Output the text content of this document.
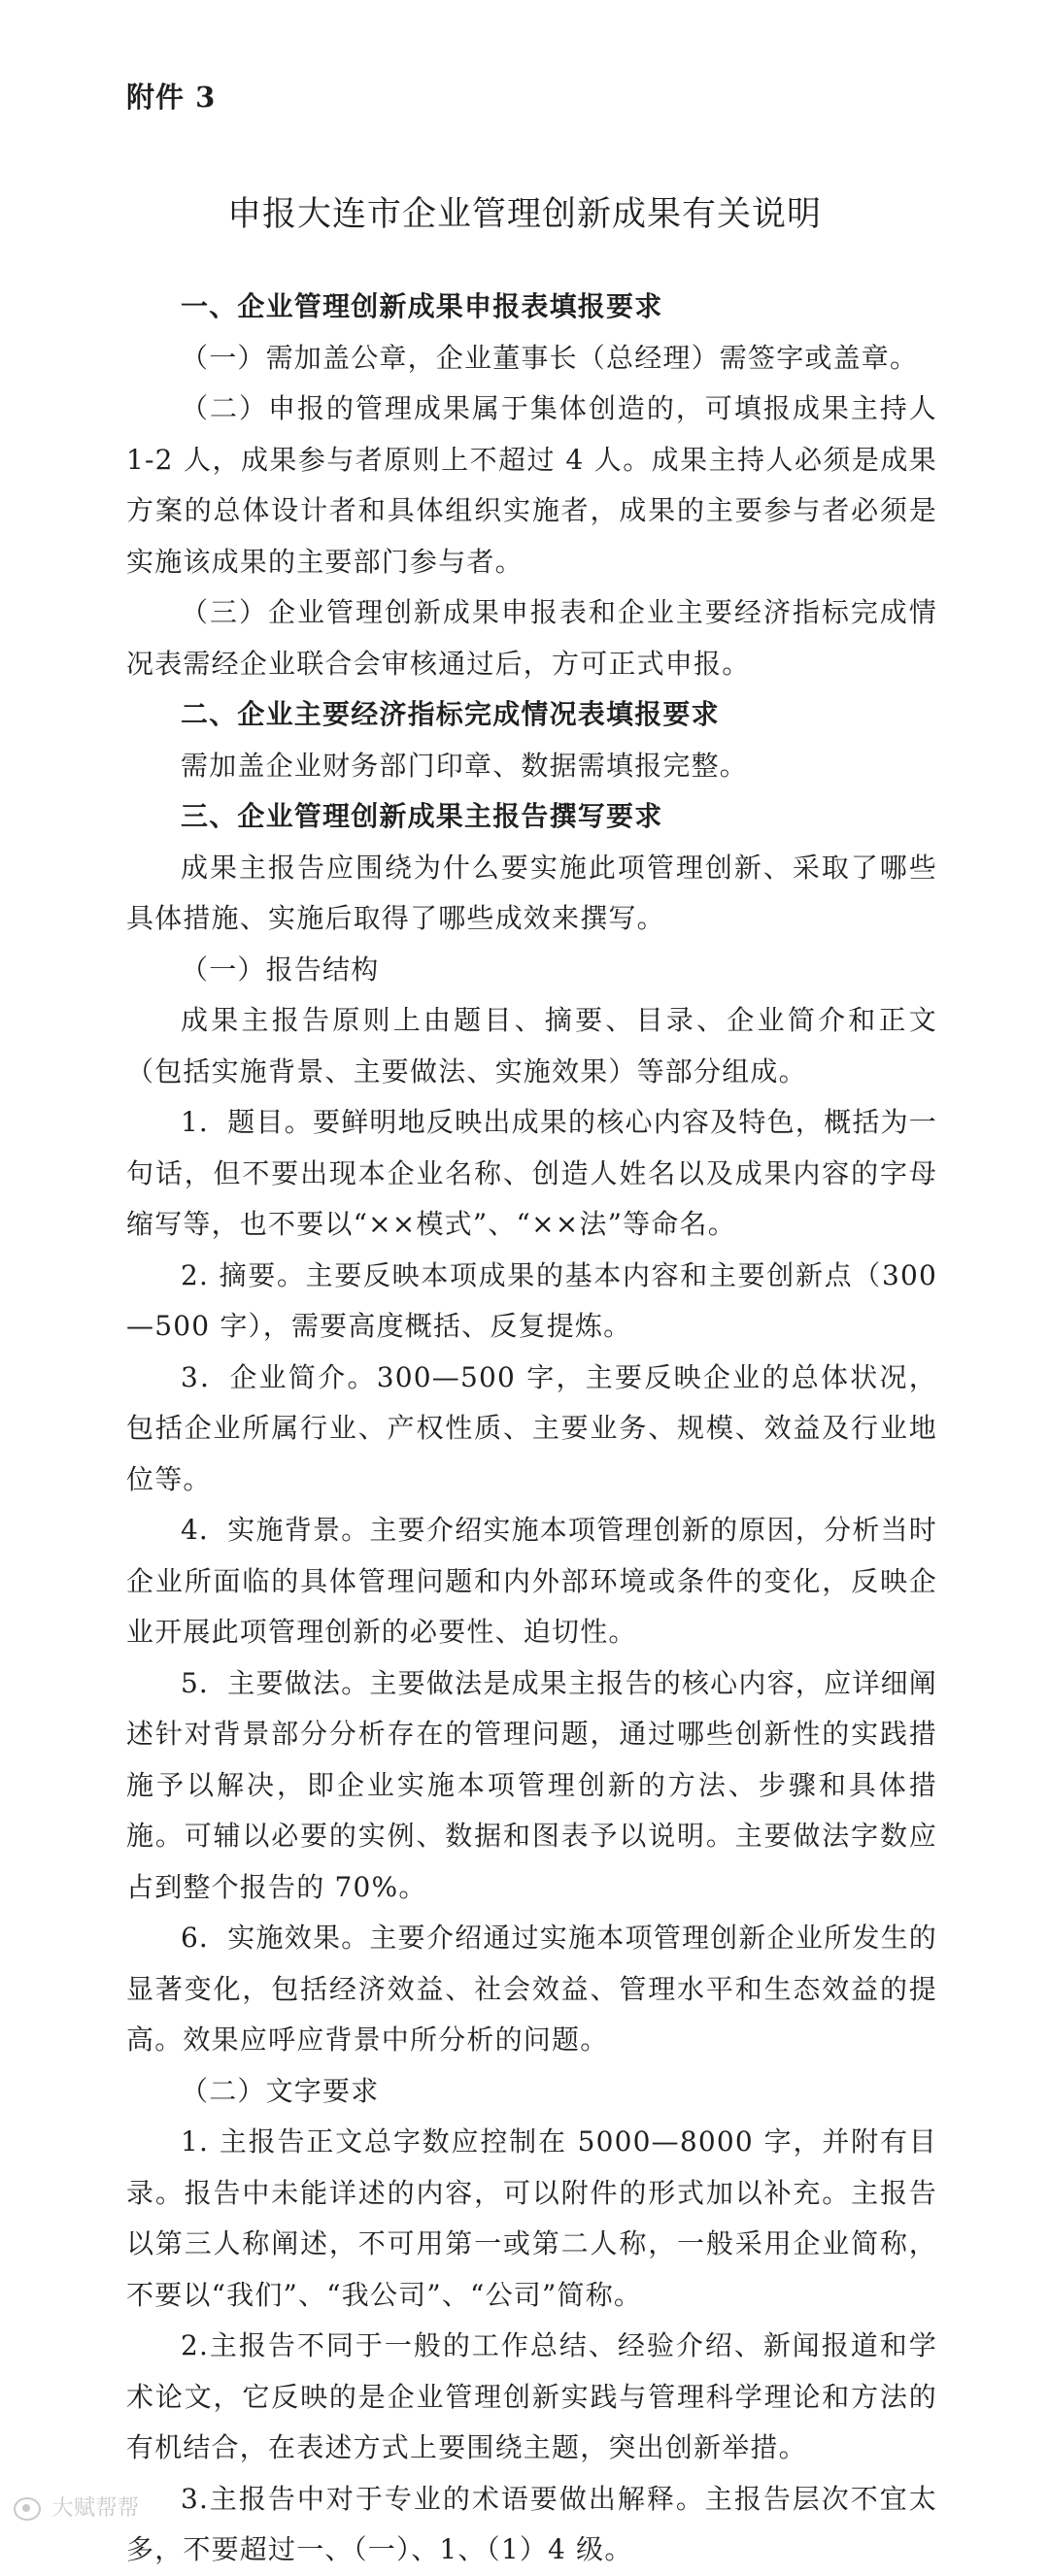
附件 3
申报大连市企业管理创新成果有关说明

一、企业管理创新成果申报表填报要求

（一）需加盖公章，企业董事长（总经理）需签字或盖章。

（二）申报的管理成果属于集体创造的，可填报成果主持人1-2 人，成果参与者原则上不超过 4 人。成果主持人必须是成果方案的总体设计者和具体组织实施者，成果的主要参与者必须是实施该成果的主要部门参与者。

（三）企业管理创新成果申报表和企业主要经济指标完成情况表需经企业联合会审核通过后，方可正式申报。

二、企业主要经济指标完成情况表填报要求

需加盖企业财务部门印章、数据需填报完整。

三、企业管理创新成果主报告撰写要求

成果主报告应围绕为什么要实施此项管理创新、采取了哪些具体措施、实施后取得了哪些成效来撰写。

（一）报告结构

成果主报告原则上由题目、摘要、目录、企业简介和正文（包括实施背景、主要做法、实施效果）等部分组成。

1．题目。要鲜明地反映出成果的核心内容及特色，概括为一句话，但不要出现本企业名称、创造人姓名以及成果内容的字母缩写等，也不要以“××模式”、“××法”等命名。

2. 摘要。主要反映本项成果的基本内容和主要创新点（300—500 字），需要高度概括、反复提炼。

3．企业简介。300—500 字，主要反映企业的总体状况，包括企业所属行业、产权性质、主要业务、规模、效益及行业地位等。

4．实施背景。主要介绍实施本项管理创新的原因，分析当时企业所面临的具体管理问题和内外部环境或条件的变化，反映企业开展此项管理创新的必要性、迫切性。

5．主要做法。主要做法是成果主报告的核心内容，应详细阐述针对背景部分分析存在的管理问题，通过哪些创新性的实践措施予以解决，即企业实施本项管理创新的方法、步骤和具体措施。可辅以必要的实例、数据和图表予以说明。主要做法字数应占到整个报告的 70%。

6．实施效果。主要介绍通过实施本项管理创新企业所发生的显著变化，包括经济效益、社会效益、管理水平和生态效益的提高。效果应呼应背景中所分析的问题。

（二）文字要求

1. 主报告正文总字数应控制在 5000—8000 字，并附有目录。报告中未能详述的内容，可以附件的形式加以补充。主报告以第三人称阐述，不可用第一或第二人称，一般采用企业简称，不要以“我们”、“我公司”、“公司”简称。

2.主报告不同于一般的工作总结、经验介绍、新闻报道和学术论文，它反映的是企业管理创新实践与管理科学理论和方法的有机结合，在表述方式上要围绕主题，突出创新举措。

3.主报告中对于专业的术语要做出解释。主报告层次不宜太多，不要超过一、（一）、1、（1）4 级。

大赋帮帮
